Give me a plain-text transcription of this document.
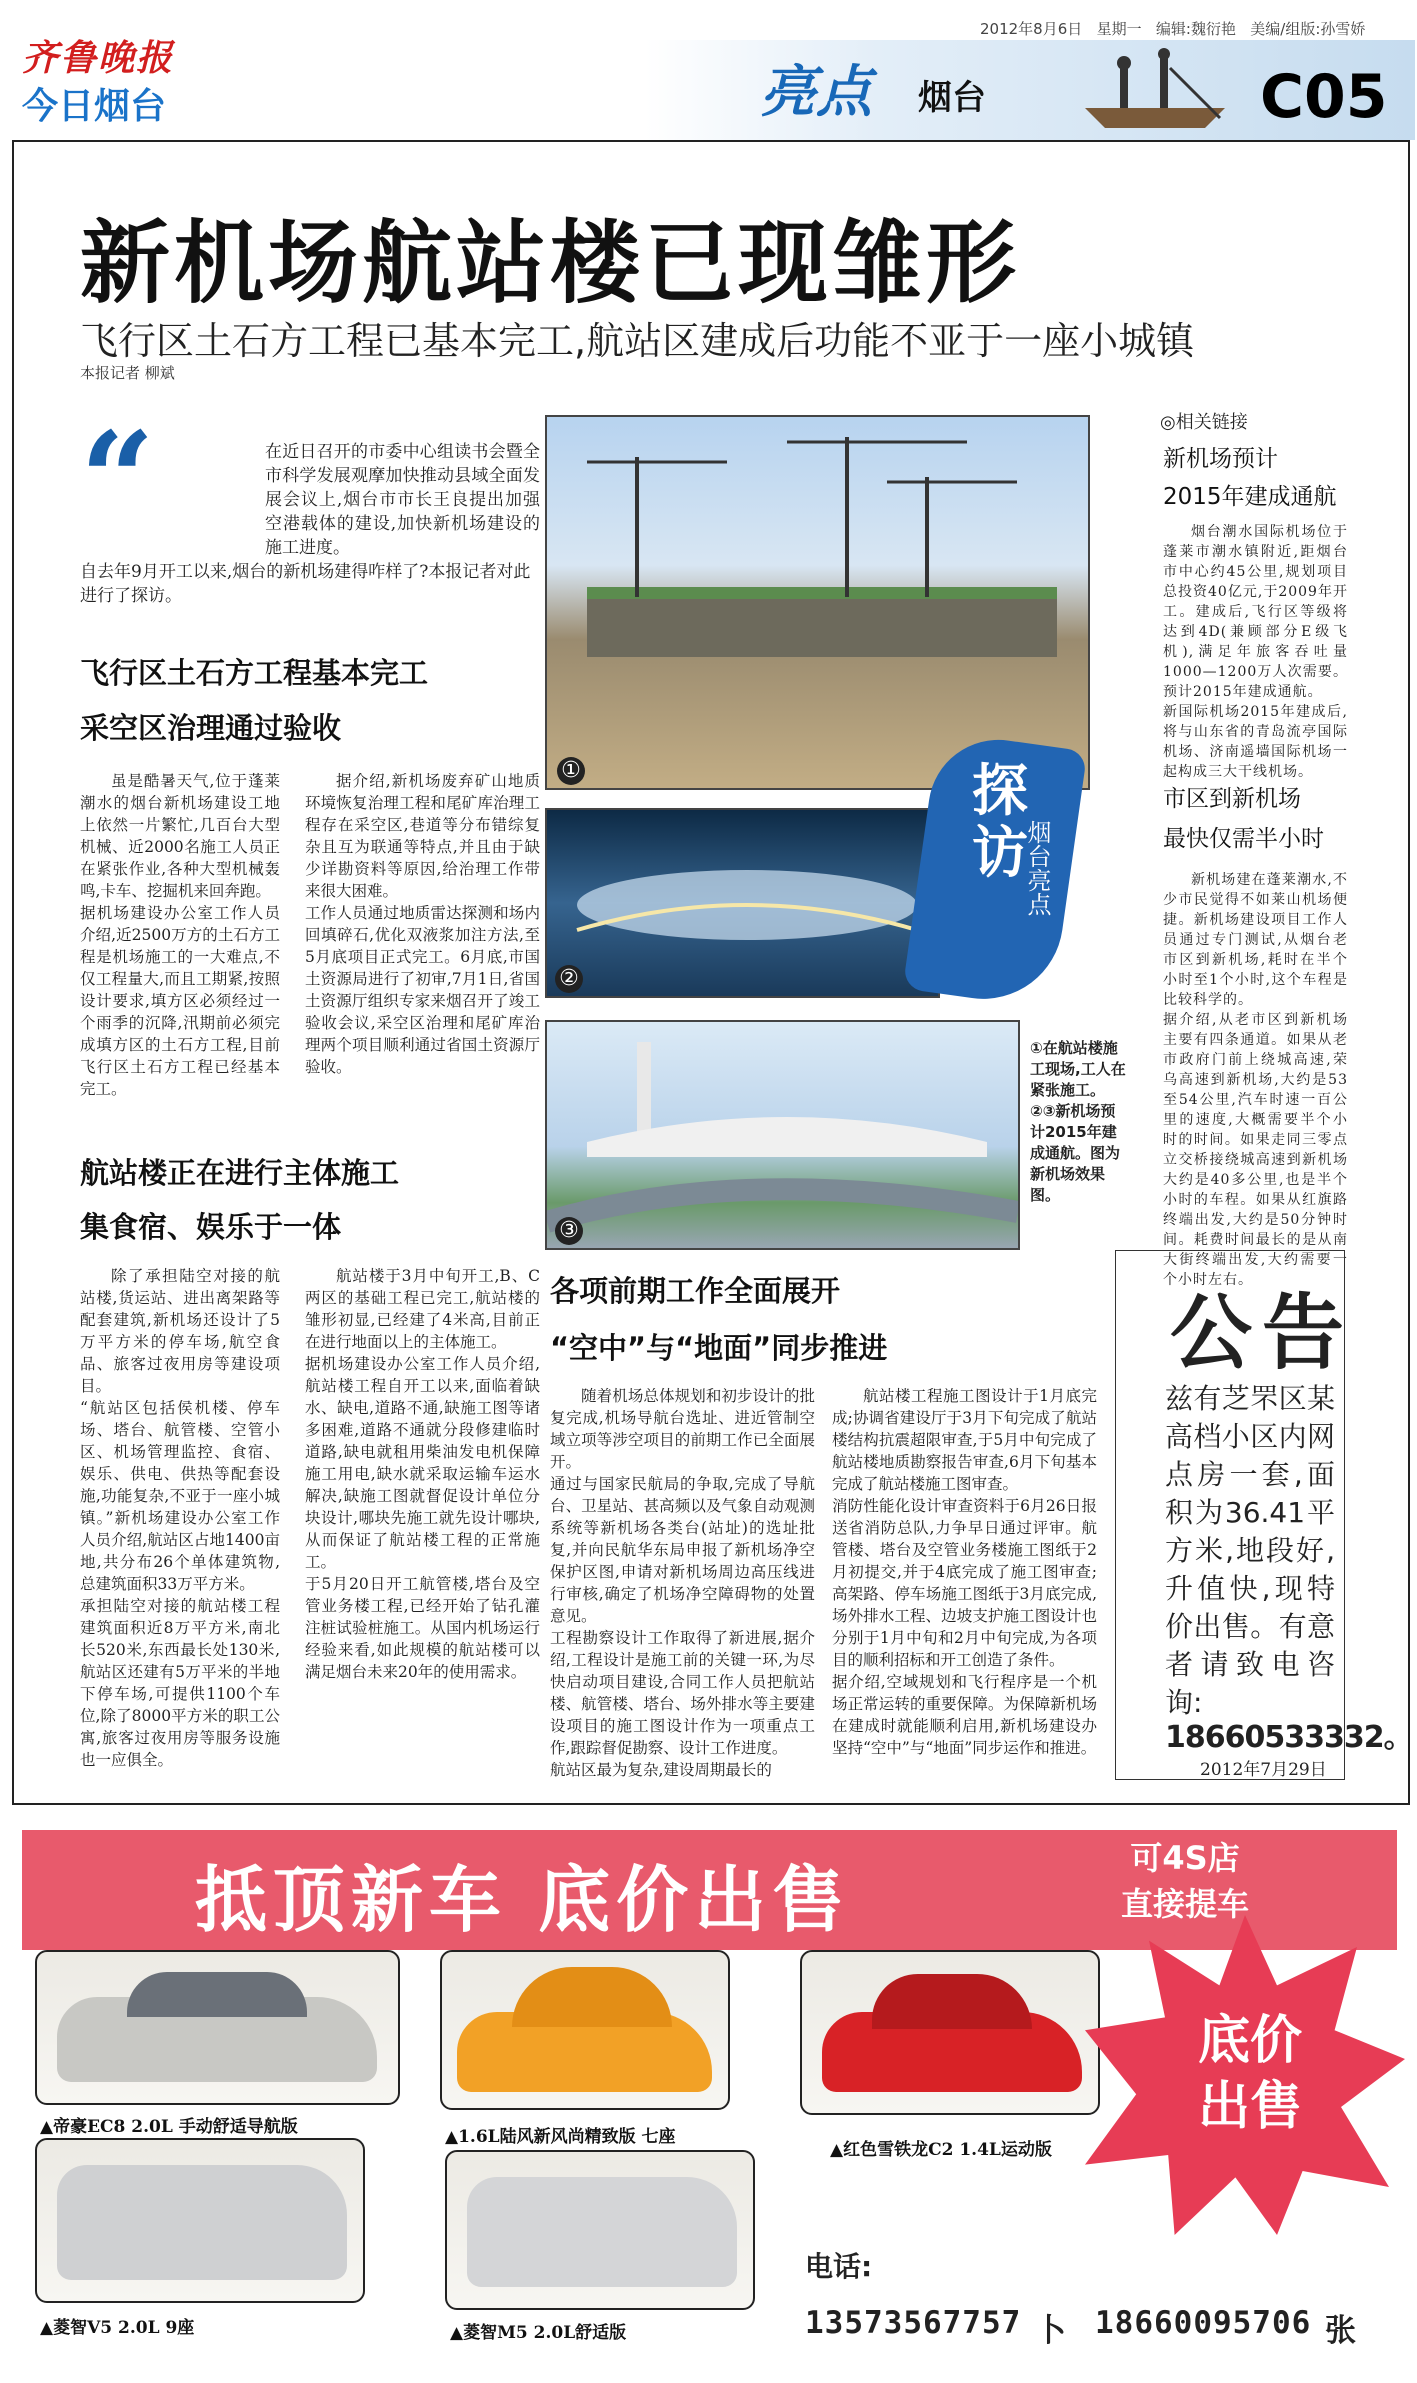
齐鲁晚报
今日烟台
2012年8月6日 星期一 编辑:魏衍艳 美编/组版:孙雪娇
亮点 烟台	C05
新机场航站楼已现雏形
飞行区土石方工程已基本完工,航站区建成后功能不亚于一座小城镇
本报记者 柳斌
“	在近日召开的市委中心组读书会暨全市科学发展观摩加快推动县域全面发展会议上,烟台市市长王良提出加强空港载体的建设,加快新机场建设的施工进度。
自去年9月开工以来,烟台的新机场建得咋样了?本报记者对此进行了探访。
飞行区土石方工程基本完工
采空区治理通过验收
虽是酷暑天气,位于蓬莱潮水的烟台新机场建设工地上依然一片繁忙,几百台大型机械、近2000名施工人员正在紧张作业,各种大型机械轰鸣,卡车、挖掘机来回奔跑。
据机场建设办公室工作人员介绍,近2500万方的土石方工程是机场施工的一大难点,不仅工程量大,而且工期紧,按照设计要求,填方区必须经过一个雨季的沉降,汛期前必须完成填方区的土石方工程,目前飞行区土石方工程已经基本完工。
据介绍,新机场废弃矿山地质环境恢复治理工程和尾矿库治理工程存在采空区,巷道等分布错综复杂且互为联通等特点,并且由于缺少详勘资料等原因,给治理工作带来很大困难。
工作人员通过地质雷达探测和场内回填碎石,优化双液浆加注方法,至5月底项目正式完工。6月底,市国土资源局进行了初审,7月1日,省国土资源厅组织专家来烟召开了竣工验收会议,采空区治理和尾矿库治理两个项目顺利通过省国土资源厅验收。
航站楼正在进行主体施工
集食宿、娱乐于一体
除了承担陆空对接的航站楼,货运站、进出离架路等配套建筑,新机场还设计了5万平方米的停车场,航空食品、旅客过夜用房等建设项目。
“航站区包括侯机楼、停车场、塔台、航管楼、空管小区、机场管理监控、食宿、娱乐、供电、供热等配套设施,功能复杂,不亚于一座小城镇。”新机场建设办公室工作人员介绍,航站区占地1400亩地,共分布26个单体建筑物,总建筑面积33万平方米。
承担陆空对接的航站楼工程建筑面积近8万平方米,南北长520米,东西最长处130米,航站区还建有5万平米的半地下停车场,可提供1100个车位,除了8000平方米的职工公寓,旅客过夜用房等服务设施也一应俱全。
航站楼于3月中旬开工,B、C两区的基础工程已完工,航站楼的雏形初显,已经建了4米高,目前正在进行地面以上的主体施工。
据机场建设办公室工作人员介绍,航站楼工程自开工以来,面临着缺水、缺电,道路不通,缺施工图等诸多困难,道路不通就分段修建临时道路,缺电就租用柴油发电机保障施工用电,缺水就采取运输车运水解决,缺施工图就督促设计单位分块设计,哪块先施工就先设计哪块,从而保证了航站楼工程的正常施工。
于5月20日开工航管楼,塔台及空管业务楼工程,已经开始了钻孔灌注桩试验桩施工。从国内机场运行经验来看,如此规模的航站楼可以满足烟台未来20年的使用需求。
①
②
③
探访
烟台亮点
①在航站楼施工现场,工人在紧张施工。
②③新机场预计2015年建成通航。图为新机场效果图。
各项前期工作全面展开
“空中”与“地面”同步推进
随着机场总体规划和初步设计的批复完成,机场导航台选址、进近管制空域立项等涉空项目的前期工作已全面展开。
通过与国家民航局的争取,完成了导航台、卫星站、甚高频以及气象自动观测系统等新机场各类台(站址)的选址批复,并向民航华东局申报了新机场净空保护区图,申请对新机场周边高压线进行审核,确定了机场净空障碍物的处置意见。
工程勘察设计工作取得了新进展,据介绍,工程设计是施工前的关键一环,为尽快启动项目建设,合同工作人员把航站楼、航管楼、塔台、场外排水等主要建设项目的施工图设计作为一项重点工作,跟踪督促勘察、设计工作进度。
航站区最为复杂,建设周期最长的
航站楼工程施工图设计于1月底完成;协调省建设厅于3月下旬完成了航站楼结构抗震超限审查,于5月中旬完成了航站楼地质勘察报告审查,6月下旬基本完成了航站楼施工图审查。
消防性能化设计审查资料于6月26日报送省消防总队,力争早日通过评审。航管楼、塔台及空管业务楼施工图纸于2月初提交,并于4底完成了施工图审查;高架路、停车场施工图纸于3月底完成,场外排水工程、边坡支护施工图设计也分别于1月中旬和2月中旬完成,为各项目的顺利招标和开工创造了条件。
据介绍,空域规划和飞行程序是一个机场正常运转的重要保障。为保障新机场在建成时就能顺利启用,新机场建设办坚持“空中”与“地面”同步运作和推进。
◎相关链接
新机场预计
2015年建成通航
烟台潮水国际机场位于蓬莱市潮水镇附近,距烟台市中心约45公里,规划项目总投资40亿元,于2009年开工。建成后,飞行区等级将达到4D(兼顾部分E级飞机),满足年旅客吞吐量1000—1200万人次需要。预计2015年建成通航。
新国际机场2015年建成后,将与山东省的青岛流亭国际机场、济南遥墙国际机场一起构成三大干线机场。
市区到新机场
最快仅需半小时
新机场建在蓬莱潮水,不少市民觉得不如莱山机场便捷。新机场建设项目工作人员通过专门测试,从烟台老市区到新机场,耗时在半个小时至1个小时,这个车程是比较科学的。
据介绍,从老市区到新机场主要有四条通道。如果从老市政府门前上绕城高速,荣乌高速到新机场,大约是53至54公里,汽车时速一百公里的速度,大概需要半个小时的时间。如果走同三零点立交桥接绕城高速到新机场大约是40多公里,也是半个小时的车程。如果从红旗路终端出发,大约是50分钟时间。耗费时间最长的是从南大街终端出发,大约需要一个小时左右。
公告
兹有芝罘区某高档小区内网点房一套,面积为36.41平方米,地段好,升值快,现特价出售。有意者请致电咨询:
18660533332。
2012年7月29日
抵顶新车 底价出售	可4S店
直接提车
▲帝豪EC8 2.0L 手动舒适导航版	▲1.6L陆风新风尚精致版 七座
▲红色雪铁龙C2 1.4L运动版
▲菱智V5 2.0L 9座	▲菱智M5 2.0L舒适版
底价
出售
电话:
13573567757 卜 18660095706 张
